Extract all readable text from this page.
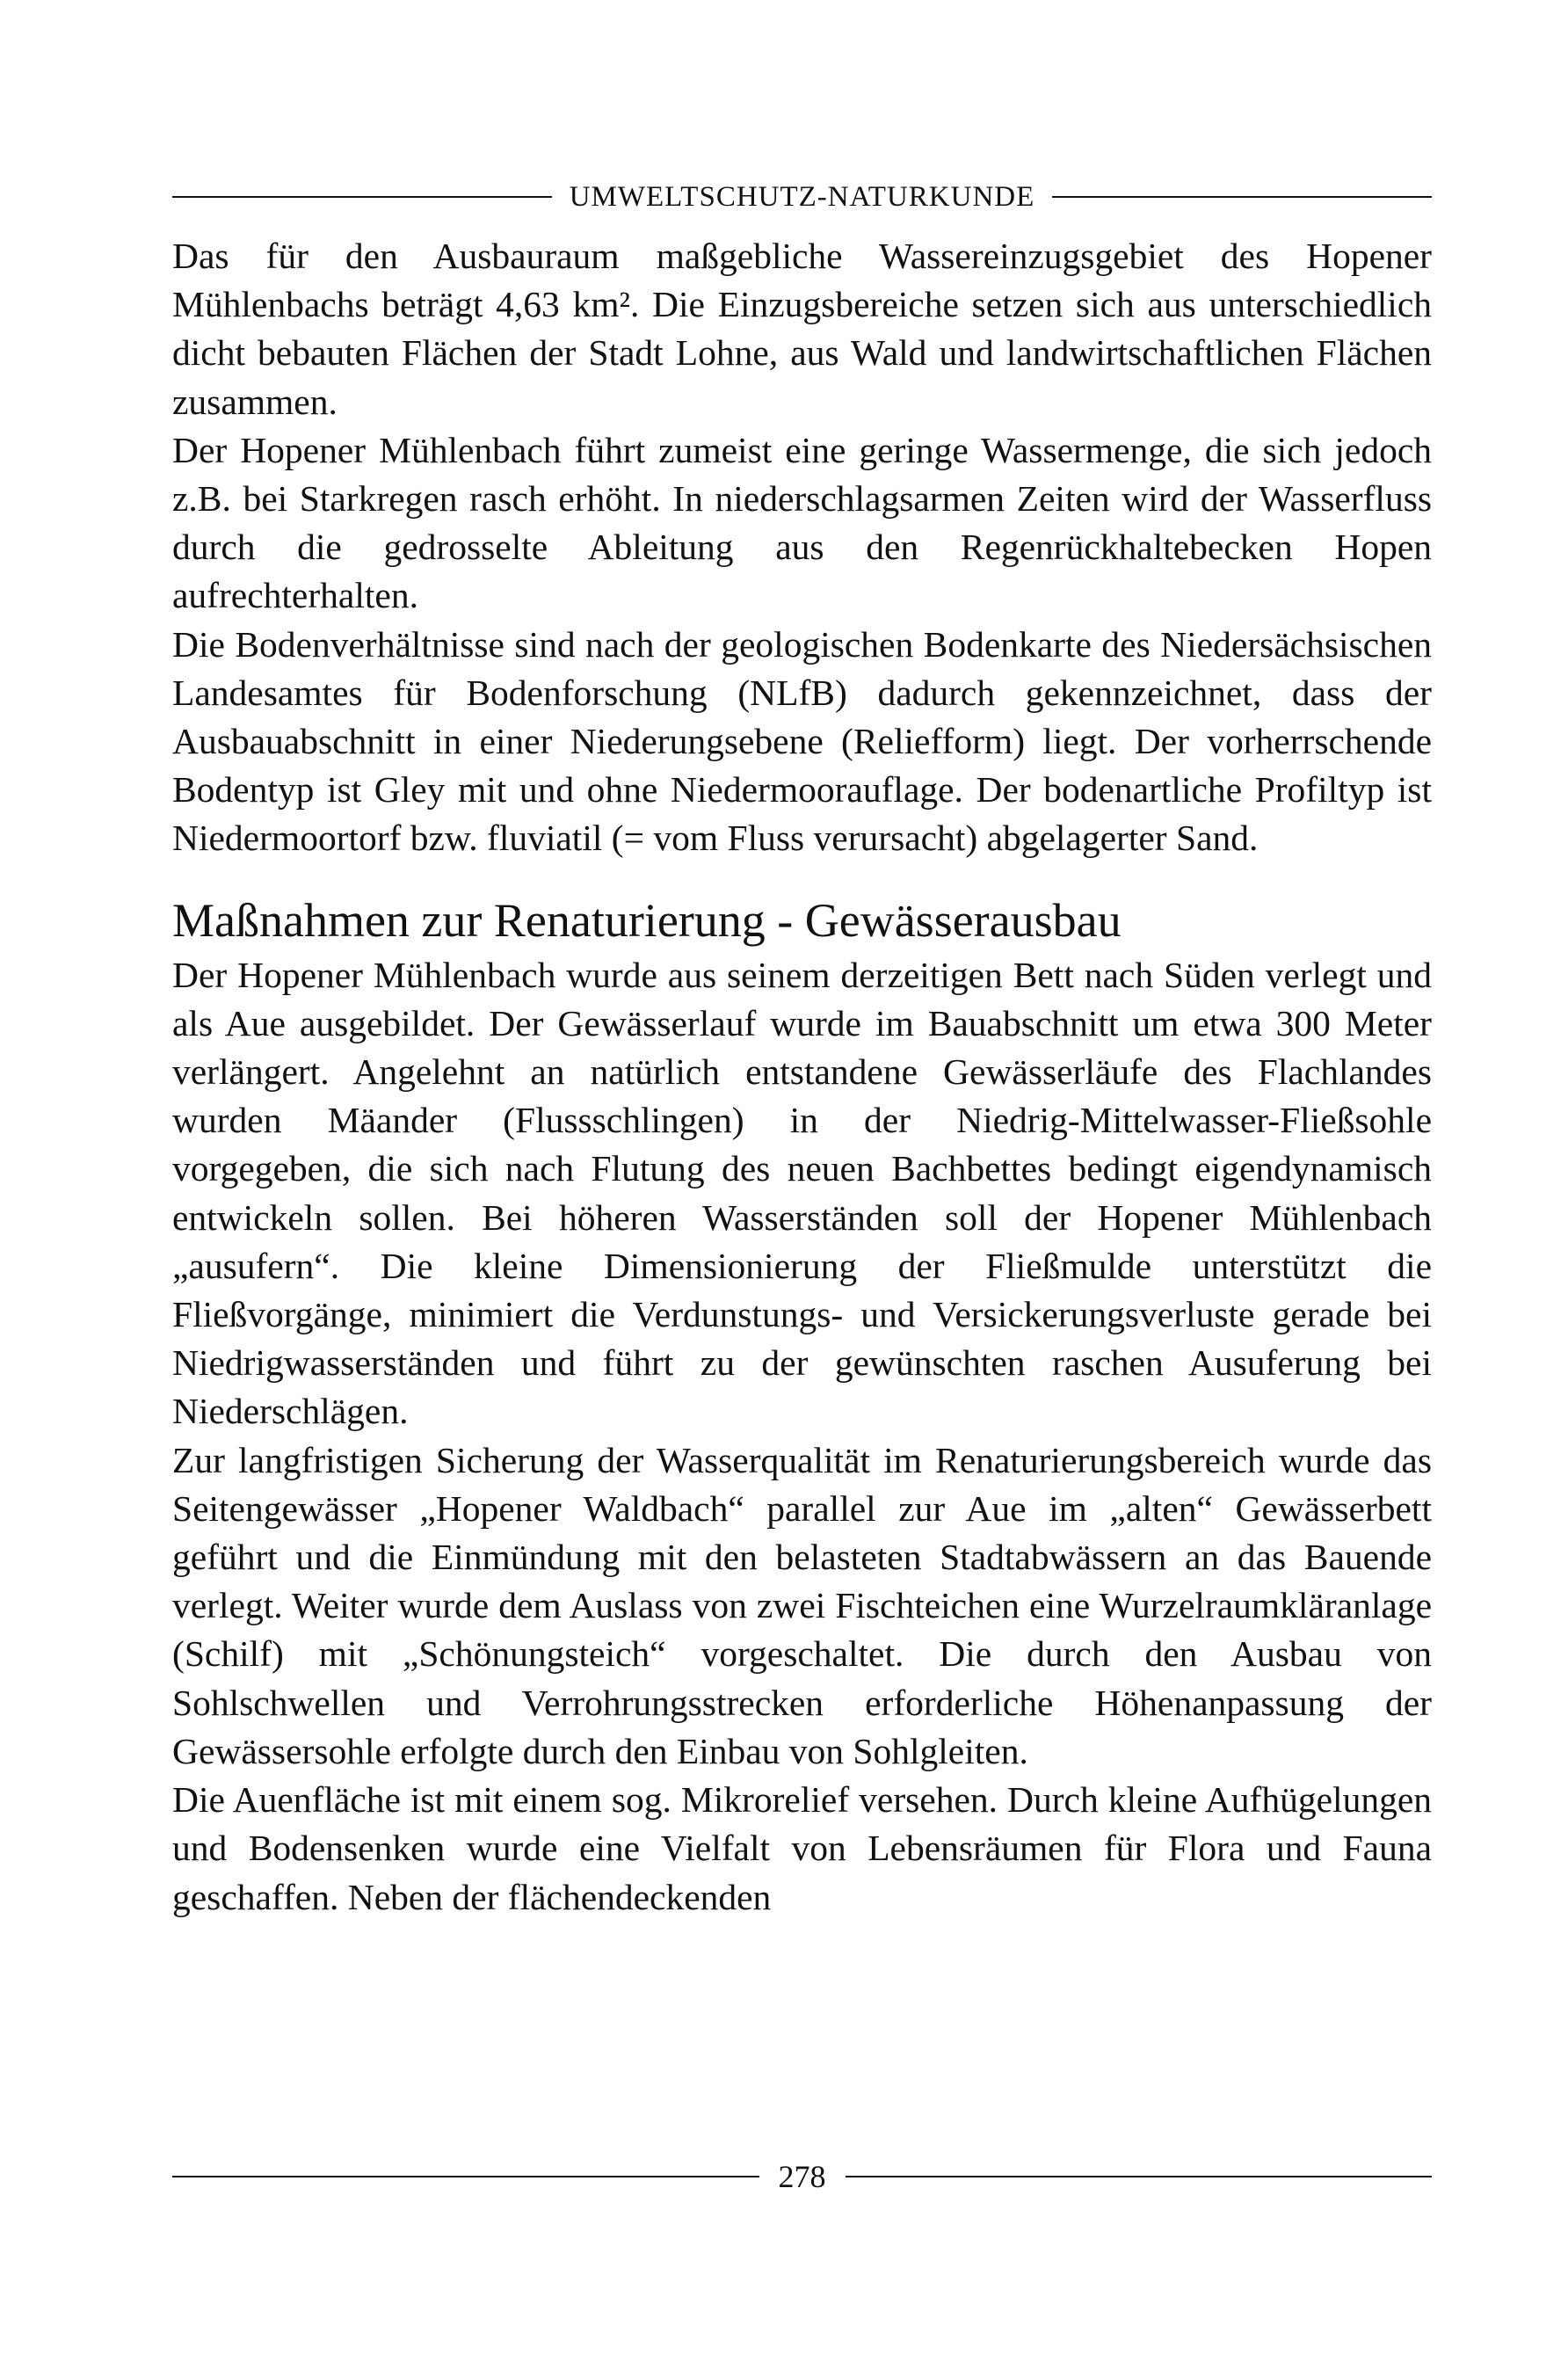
UMWELTSCHUTZ-NATURKUNDE

Das für den Ausbauraum maßgebliche Wassereinzugsgebiet des Hopener Mühlenbachs beträgt 4,63 km². Die Einzugsbereiche setzen sich aus unterschiedlich dicht bebauten Flächen der Stadt Lohne, aus Wald und landwirtschaftlichen Flächen zusammen.

Der Hopener Mühlenbach führt zumeist eine geringe Wassermenge, die sich jedoch z.B. bei Starkregen rasch erhöht. In niederschlagsarmen Zeiten wird der Wasserfluss durch die gedrosselte Ableitung aus den Regenrückhaltebecken Hopen aufrechterhalten.

Die Bodenverhältnisse sind nach der geologischen Bodenkarte des Niedersächsischen Landesamtes für Bodenforschung (NLfB) dadurch gekennzeichnet, dass der Ausbauabschnitt in einer Niederungsebene (Reliefform) liegt. Der vorherrschende Bodentyp ist Gley mit und ohne Niedermoorauflage. Der bodenartliche Profiltyp ist Niedermoortorf bzw. fluviatil (= vom Fluss verursacht) abgelagerter Sand.

Maßnahmen zur Renaturierung - Gewässerausbau

Der Hopener Mühlenbach wurde aus seinem derzeitigen Bett nach Süden verlegt und als Aue ausgebildet. Der Gewässerlauf wurde im Bauabschnitt um etwa 300 Meter verlängert. Angelehnt an natürlich entstandene Gewässerläufe des Flachlandes wurden Mäander (Flussschlingen) in der Niedrig-Mittelwasser-Fließsohle vorgegeben, die sich nach Flutung des neuen Bachbettes bedingt eigendynamisch entwickeln sollen. Bei höheren Wasserständen soll der Hopener Mühlenbach „ausufern“. Die kleine Dimensionierung der Fließmulde unterstützt die Fließvorgänge, minimiert die Verdunstungs- und Versickerungsverluste gerade bei Niedrigwasserständen und führt zu der gewünschten raschen Ausuferung bei Niederschlägen.

Zur langfristigen Sicherung der Wasserqualität im Renaturierungsbereich wurde das Seitengewässer „Hopener Waldbach“ parallel zur Aue im „alten“ Gewässerbett geführt und die Einmündung mit den belasteten Stadtabwässern an das Bauende verlegt. Weiter wurde dem Auslass von zwei Fischteichen eine Wurzelraumkläranlage (Schilf) mit „Schönungsteich“ vorgeschaltet. Die durch den Ausbau von Sohlschwellen und Verrohrungsstrecken erforderliche Höhenanpassung der Gewässersohle erfolgte durch den Einbau von Sohlgleiten.

Die Auenfläche ist mit einem sog. Mikrorelief versehen. Durch kleine Aufhügelungen und Bodensenken wurde eine Vielfalt von Lebensräumen für Flora und Fauna geschaffen. Neben der flächendeckenden

278
